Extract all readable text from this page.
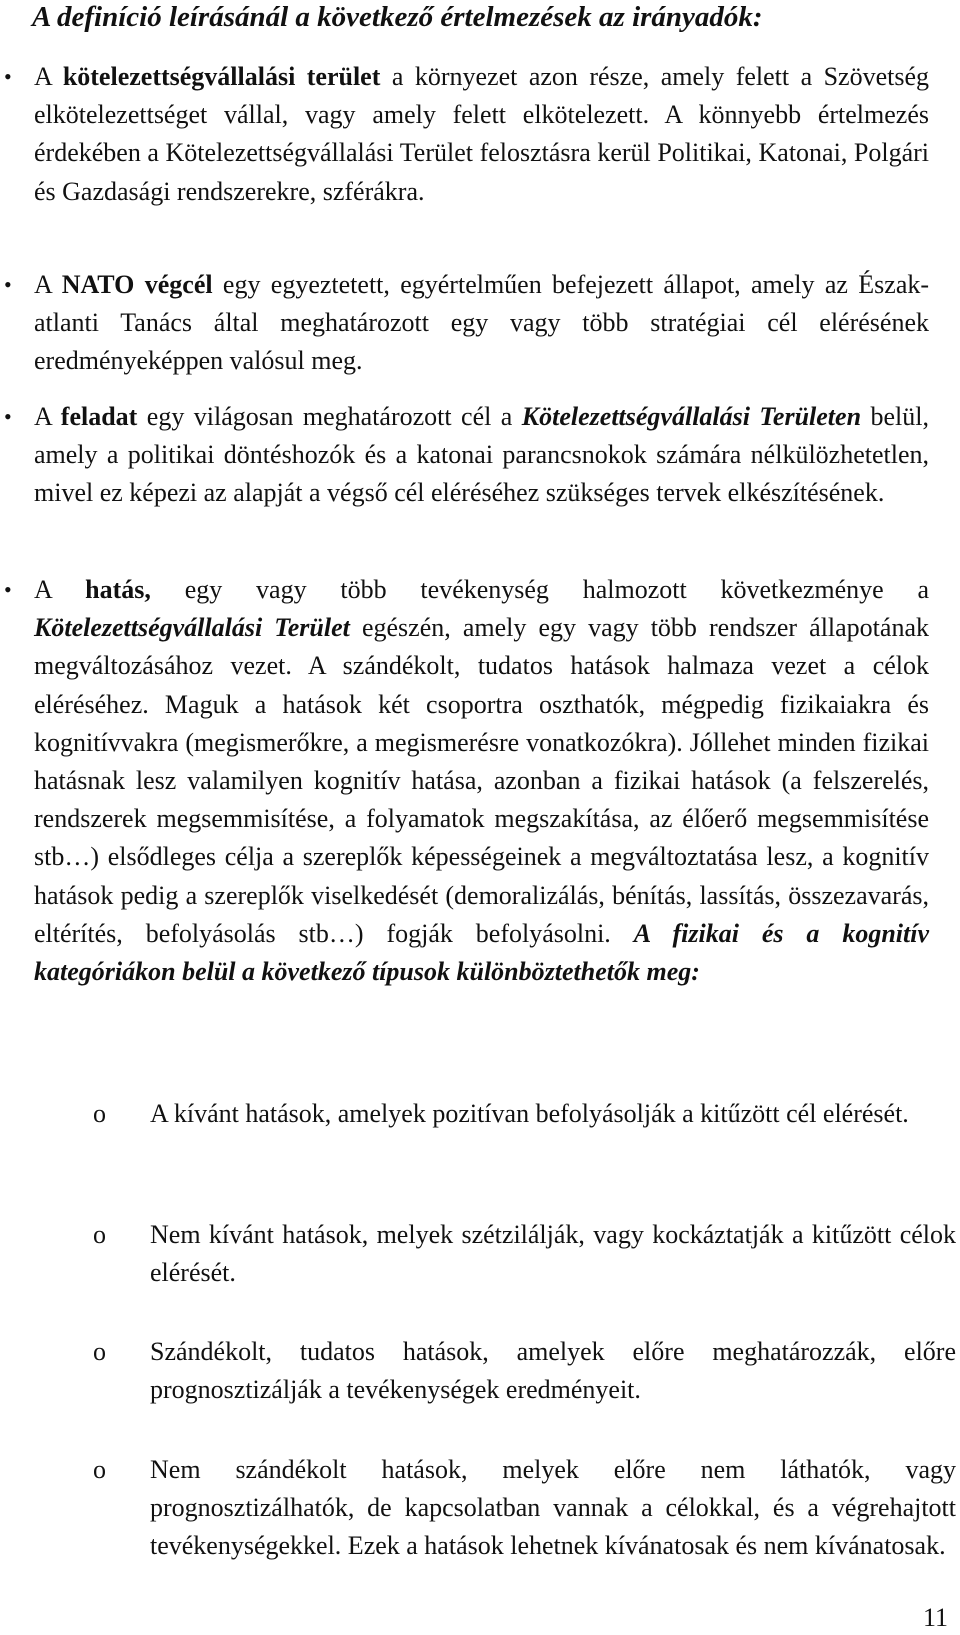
A definíció leírásánál a következő értelmezések az irányadók:
• A kötelezettségvállalási terület a környezet azon része, amely felett a Szövetség elkötelezettséget vállal, vagy amely felett elkötelezett. A könnyebb értelmezés érdekében a Kötelezettségvállalási Terület felosztásra kerül Politikai, Katonai, Polgári és Gazdasági rendszerekre, szférákra.
• A NATO végcél egy egyeztetett, egyértelműen befejezett állapot, amely az Észak-atlanti Tanács által meghatározott egy vagy több stratégiai cél elérésének eredményeképpen valósul meg.
• A feladat egy világosan meghatározott cél a Kötelezettségvállalási Területen belül, amely a politikai döntéshozók és a katonai parancsnokok számára nélkülözhetetlen, mivel ez képezi az alapját a végső cél eléréséhez szükséges tervek elkészítésének.
• A hatás, egy vagy több tevékenység halmozott következménye a Kötelezettségvállalási Terület egészén, amely egy vagy több rendszer állapotának megváltozásához vezet. A szándékolt, tudatos hatások halmaza vezet a célok eléréséhez. Maguk a hatások két csoportra oszthatók, mégpedig fizikaiakra és kognitívvakra (megismerőkre, a megismerésre vonatkozókra). Jóllehet minden fizikai hatásnak lesz valamilyen kognitív hatása, azonban a fizikai hatások (a felszerelés, rendszerek megsemmisítése, a folyamatok megszakítása, az élőerő megsemmisítése stb…) elsődleges célja a szereplők képességeinek a megváltoztatása lesz, a kognitív hatások pedig a szereplők viselkedését (demoralizálás, bénítás, lassítás, összezavarás, eltérítés, befolyásolás stb…) fogják befolyásolni. A fizikai és a kognitív kategóriákon belül a következő típusok különböztethetők meg:
o A kívánt hatások, amelyek pozitívan befolyásolják a kitűzött cél elérését.
o Nem kívánt hatások, melyek szétzilálják, vagy kockáztatják a kitűzött célok elérését.
o Szándékolt, tudatos hatások, amelyek előre meghatározzák, előre prognosztizálják a tevékenységek eredményeit.
o Nem szándékolt hatások, melyek előre nem láthatók, vagy prognosztizálhatók, de kapcsolatban vannak a célokkal, és a végrehajtott tevékenységekkel. Ezek a hatások lehetnek kívánatosak és nem kívánatosak.
11
